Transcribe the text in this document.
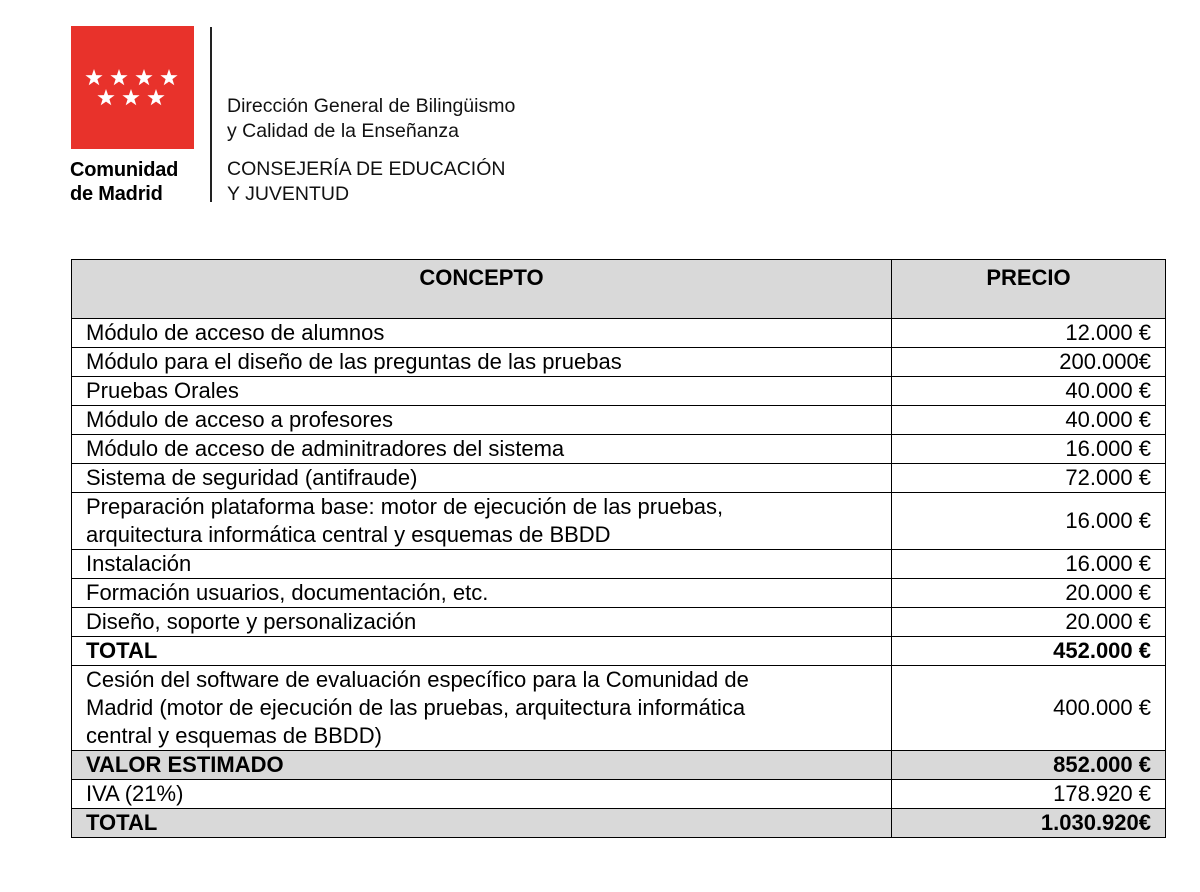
Comunidad
de Madrid
Dirección General de Bilingüismo
y Calidad de la Enseñanza
CONSEJERÍA DE EDUCACIÓN
Y JUVENTUD
CONCEPTO	PRECIO
Módulo de acceso de alumnos	12.000 €
Módulo para el diseño de las preguntas de las pruebas	200.000€
Pruebas Orales	40.000 €
Módulo de acceso a profesores	40.000 €
Módulo de acceso de adminitradores del sistema	16.000 €
Sistema de seguridad (antifraude)	72.000 €

Preparación plataforma base: motor de ejecución de las pruebas,
arquitectura informática central y esquemas de BBDD	16.000 €
Instalación	16.000 €
Formación usuarios, documentación, etc.	20.000 €
Diseño, soporte y personalización	20.000 €
TOTAL	452.000 €

Cesión del software de evaluación específico para la Comunidad de
Madrid (motor de ejecución de las pruebas, arquitectura informática
central y esquemas de BBDD)	400.000 €
VALOR ESTIMADO	852.000 €
IVA (21%)	178.920 €
TOTAL	1.030.920€
